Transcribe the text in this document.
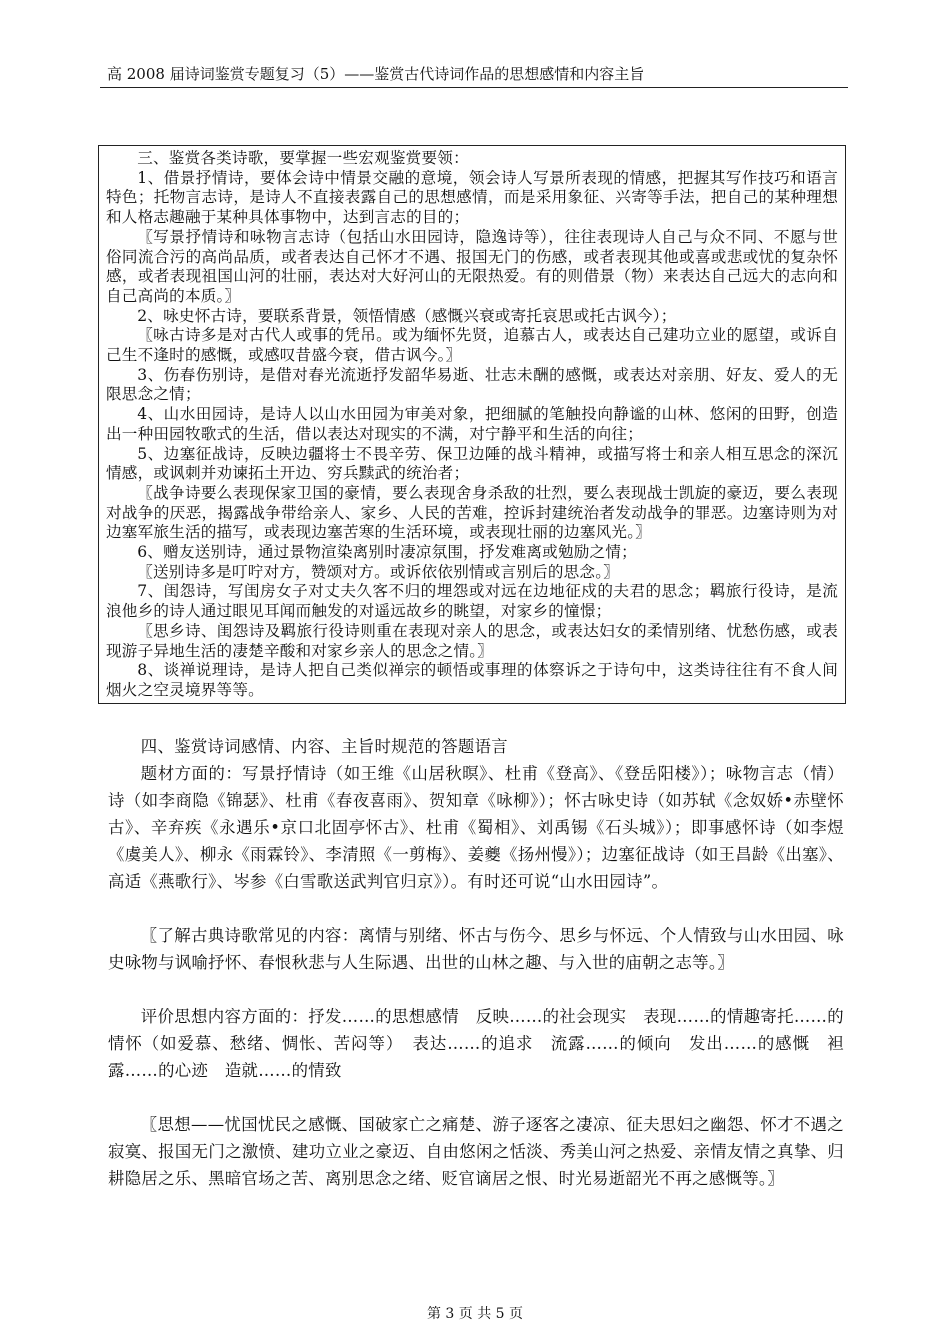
高 2008 届诗词鉴赏专题复习（5）——鉴赏古代诗词作品的思想感情和内容主旨

三、鉴赏各类诗歌，要掌握一些宏观鉴赏要领：

1、借景抒情诗，要体会诗中情景交融的意境，领会诗人写景所表现的情感，把握其写作技巧和语言特色；托物言志诗，是诗人不直接表露自己的思想感情，而是采用象征、兴寄等手法，把自己的某种理想和人格志趣融于某种具体事物中，达到言志的目的；

〖写景抒情诗和咏物言志诗（包括山水田园诗，隐逸诗等），往往表现诗人自己与众不同、不愿与世俗同流合污的高尚品质，或者表达自己怀才不遇、报国无门的伤感，或者表现其他或喜或悲或忧的复杂怀感，或者表现祖国山河的壮丽，表达对大好河山的无限热爱。有的则借景（物）来表达自己远大的志向和自己高尚的本质。〗

2、咏史怀古诗，要联系背景，领悟情感（感慨兴衰或寄托哀思或托古讽今）；

〖咏古诗多是对古代人或事的凭吊。或为缅怀先贤，追慕古人，或表达自己建功立业的愿望，或诉自己生不逢时的感慨，或感叹昔盛今衰，借古讽今。〗

3、伤春伤别诗，是借对春光流逝抒发韶华易逝、壮志未酬的感慨，或表达对亲朋、好友、爱人的无限思念之情；

4、山水田园诗，是诗人以山水田园为审美对象，把细腻的笔触投向静谧的山林、悠闲的田野，创造出一种田园牧歌式的生活，借以表达对现实的不满，对宁静平和生活的向往；

5、边塞征战诗，反映边疆将士不畏辛劳、保卫边陲的战斗精神，或描写将士和亲人相互思念的深沉情感，或讽刺并劝谏拓土开边、穷兵黩武的统治者；

〖战争诗要么表现保家卫国的豪情，要么表现舍身杀敌的壮烈，要么表现战士凯旋的豪迈，要么表现对战争的厌恶，揭露战争带给亲人、家乡、人民的苦难，控诉封建统治者发动战争的罪恶。边塞诗则为对边塞军旅生活的描写，或表现边塞苦寒的生活环境，或表现壮丽的边塞风光。〗

6、赠友送别诗，通过景物渲染离别时凄凉氛围，抒发难离或勉励之情；

〖送别诗多是叮咛对方，赞颂对方。或诉依依别情或言别后的思念。〗

7、闺怨诗，写闺房女子对丈夫久客不归的埋怨或对远在边地征戍的夫君的思念；羁旅行役诗，是流浪他乡的诗人通过眼见耳闻而触发的对遥远故乡的眺望，对家乡的憧憬；

〖思乡诗、闺怨诗及羁旅行役诗则重在表现对亲人的思念，或表达妇女的柔情别绪、忧愁伤感，或表现游子异地生活的凄楚辛酸和对家乡亲人的思念之情。〗

8、谈禅说理诗，是诗人把自己类似禅宗的顿悟或事理的体察诉之于诗句中，这类诗往往有不食人间烟火之空灵境界等等。

四、鉴赏诗词感情、内容、主旨时规范的答题语言

题材方面的：写景抒情诗（如王维《山居秋暝》、杜甫《登高》、《登岳阳楼》）；咏物言志（情）诗（如李商隐《锦瑟》、杜甫《春夜喜雨》、贺知章《咏柳》）；怀古咏史诗（如苏轼《念奴娇•赤壁怀古》、辛弃疾《永遇乐•京口北固亭怀古》、杜甫《蜀相》、刘禹锡《石头城》）；即事感怀诗（如李煜《虞美人》、柳永《雨霖铃》、李清照《一剪梅》、姜夔《扬州慢》）；边塞征战诗（如王昌龄《出塞》、高适《燕歌行》、岑参《白雪歌送武判官归京》）。有时还可说“山水田园诗”。

〖了解古典诗歌常见的内容：离情与别绪、怀古与伤今、思乡与怀远、个人情致与山水田园、咏史咏物与讽喻抒怀、春恨秋悲与人生际遇、出世的山林之趣、与入世的庙朝之志等。〗

评价思想内容方面的：抒发……的思想感情　反映……的社会现实　表现……的情趣寄托……的情怀（如爱慕、愁绪、惆怅、苦闷等）　表达……的追求　流露……的倾向　发出……的感慨　袒露……的心迹　造就……的情致

〖思想——忧国忧民之感慨、国破家亡之痛楚、游子逐客之凄凉、征夫思妇之幽怨、怀才不遇之寂寞、报国无门之激愤、建功立业之豪迈、自由悠闲之恬淡、秀美山河之热爱、亲情友情之真挚、归耕隐居之乐、黑暗官场之苦、离别思念之绪、贬官谪居之恨、时光易逝韶光不再之感慨等。〗

第 3 页 共 5 页
